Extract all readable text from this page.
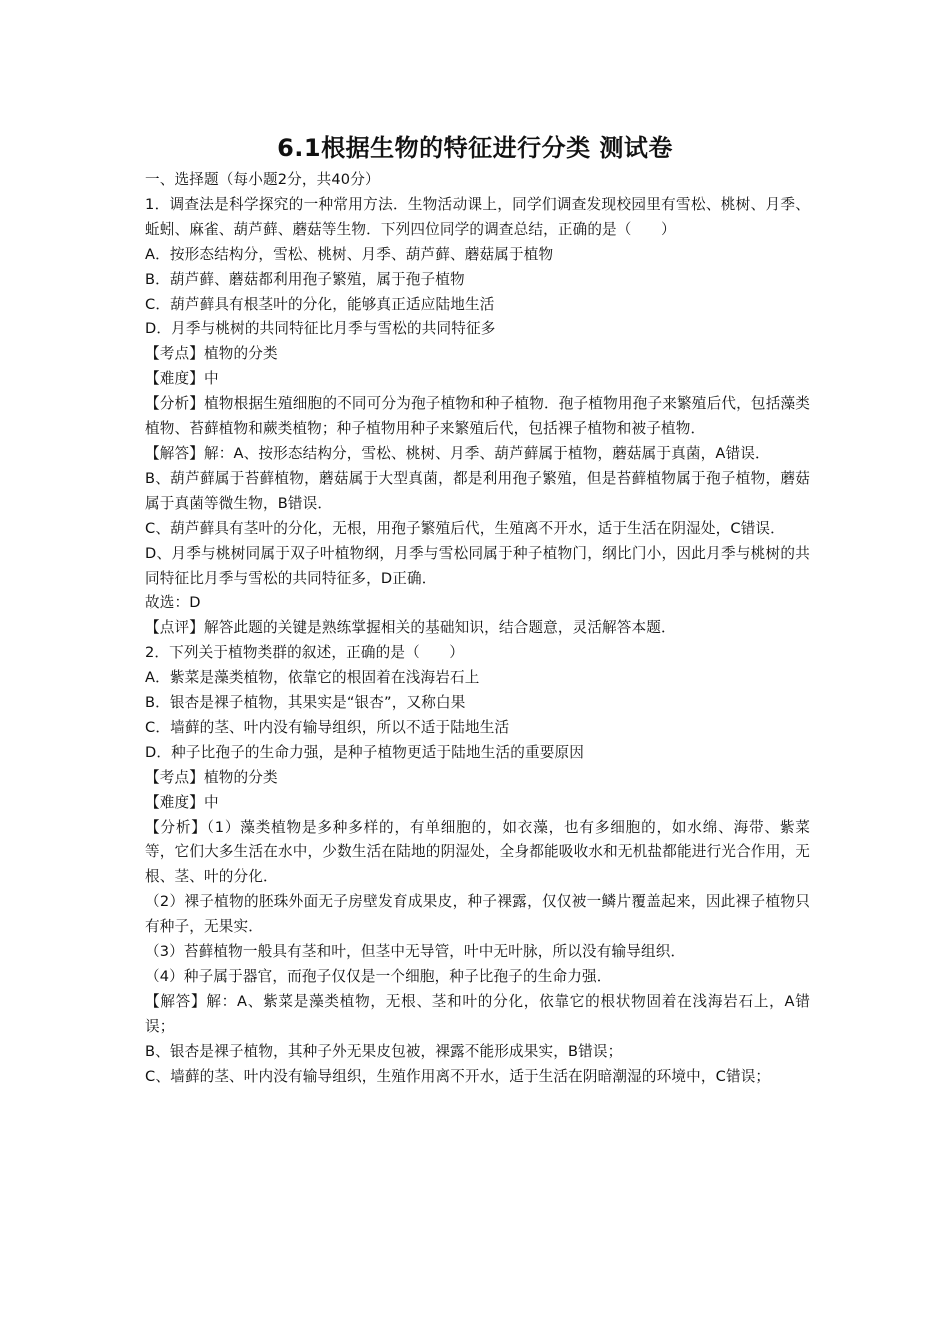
6.1根据生物的特征进行分类 测试卷

一、选择题（每小题2分，共40分）

1．调查法是科学探究的一种常用方法．生物活动课上，同学们调查发现校园里有雪松、桃树、月季、蚯蚓、麻雀、葫芦藓、蘑菇等生物．下列四位同学的调查总结，正确的是（　　）

A．按形态结构分，雪松、桃树、月季、葫芦藓、蘑菇属于植物

B．葫芦藓、蘑菇都利用孢子繁殖，属于孢子植物

C．葫芦藓具有根茎叶的分化，能够真正适应陆地生活

D．月季与桃树的共同特征比月季与雪松的共同特征多

【考点】植物的分类

【难度】中

【分析】植物根据生殖细胞的不同可分为孢子植物和种子植物．孢子植物用孢子来繁殖后代，包括藻类植物、苔藓植物和蕨类植物；种子植物用种子来繁殖后代，包括裸子植物和被子植物．

【解答】解：A、按形态结构分，雪松、桃树、月季、葫芦藓属于植物，蘑菇属于真菌，A错误．

B、葫芦藓属于苔藓植物，蘑菇属于大型真菌，都是利用孢子繁殖，但是苔藓植物属于孢子植物，蘑菇属于真菌等微生物，B错误．

C、葫芦藓具有茎叶的分化，无根，用孢子繁殖后代，生殖离不开水，适于生活在阴湿处，C错误．

D、月季与桃树同属于双子叶植物纲，月季与雪松同属于种子植物门，纲比门小，因此月季与桃树的共同特征比月季与雪松的共同特征多，D正确．

故选：D

【点评】解答此题的关键是熟练掌握相关的基础知识，结合题意，灵活解答本题．

2．下列关于植物类群的叙述，正确的是（　　）

A．紫菜是藻类植物，依靠它的根固着在浅海岩石上

B．银杏是裸子植物，其果实是“银杏”，又称白果

C．墙藓的茎、叶内没有输导组织，所以不适于陆地生活

D．种子比孢子的生命力强，是种子植物更适于陆地生活的重要原因

【考点】植物的分类

【难度】中

【分析】（1）藻类植物是多种多样的，有单细胞的，如衣藻，也有多细胞的，如水绵、海带、紫菜等，它们大多生活在水中，少数生活在陆地的阴湿处，全身都能吸收水和无机盐都能进行光合作用，无根、茎、叶的分化．

（2）裸子植物的胚珠外面无子房壁发育成果皮，种子裸露，仅仅被一鳞片覆盖起来，因此裸子植物只有种子，无果实．

（3）苔藓植物一般具有茎和叶，但茎中无导管，叶中无叶脉，所以没有输导组织．

（4）种子属于器官，而孢子仅仅是一个细胞，种子比孢子的生命力强．

【解答】解：A、紫菜是藻类植物，无根、茎和叶的分化，依靠它的根状物固着在浅海岩石上，A错误；

B、银杏是裸子植物，其种子外无果皮包被，裸露不能形成果实，B错误；

C、墙藓的茎、叶内没有输导组织，生殖作用离不开水，适于生活在阴暗潮湿的环境中，C错误；
